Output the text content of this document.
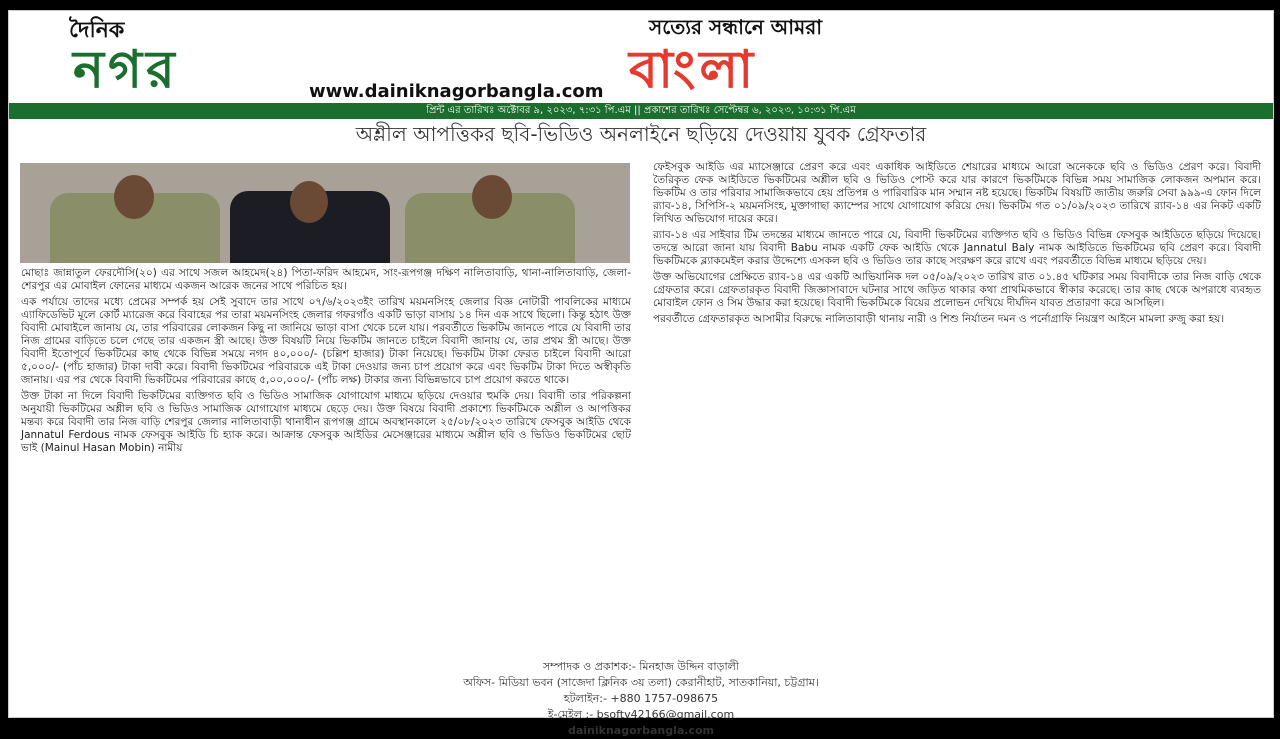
দৈনিক
নগর
সত্যের সন্ধানে আমরা
বাংলা
www.dainiknagorbangla.com
প্রিন্ট এর তারিখঃ অক্টোবর ৯, ২০২৩, ৭:৩১ পি.এম || প্রকাশের তারিখঃ সেপ্টেম্বর ৬, ২০২৩, ১০:৩১ পি.এম
অশ্লীল আপত্তিকর ছবি-ভিডিও অনলাইনে ছড়িয়ে দেওয়ায় যুবক গ্রেফতার

মোছাঃ জান্নাতুল ফেরদৌসি(২০) এর সাথে সজল আহমেদ(২৪) পিতা-ফরিদ আহমেদ, সাং-রূপগঞ্জ দক্ষিণ নালিতাবাড়ি, থানা-নালিতাবাড়ি, জেলা-শেরপুর এর মোবাইল ফোনের মাধ্যমে একজন আরেক জনের সাথে পরিচিত হয়।

এক পর্যায়ে তাদের মধ্যে প্রেমের সম্পর্ক হয় সেই সুবাদে তার সাথে ০৭/৬/২০২৩ইং তারিখ ময়মনসিংহ জেলার বিজ্ঞ নোটারী পাবলিকের মাধ্যমে এ্যাফিডেভিট মূলে কোর্ট ম্যারেজ করে বিবাহের পর তারা ময়মনসিংহ জেলার গফরগাঁও একটি ভাড়া বাসায় ১৪ দিন এক সাথে ছিলো। কিন্তু হঠাৎ উক্ত বিবাদী মোবাইলে জানায় যে, তার পরিবারের লোকজন কিছু না জানিয়ে ভাড়া বাসা থেকে চলে যায়। পরবর্তীতে ভিকটিম জানতে পারে যে বিবাদী তার নিজ গ্রামের বাড়িতে চলে গেছে তার একজন স্ত্রী আছে। উক্ত বিষয়টি নিয়ে ভিকটিম জানতে চাইলে বিবাদী জানায় যে, তার প্রথম স্ত্রী আছে। উক্ত বিবাদী ইতোপূর্বে ভিকটিমের কাছ থেকে বিভিন্ন সময়ে নগদ ৪০,০০০/- (চল্লিশ হাজার) টাকা নিয়েছে। ভিকটিম টাকা ফেরত চাইলে বিবাদী আরো ৫,০০০/- (পাঁচ হাজার) টাকা দাবী করে। বিবাদী ভিকটিমের পরিবারকে এই টাকা দেওয়ার জন্য চাপ প্রয়োগ করে এবং ভিকটিম টাকা দিতে অস্বীকৃতি জানায়। এর পর থেকে বিবাদী ভিকটিমের পরিবারের কাছে ৫,০০,০০০/- (পাঁচ লক্ষ) টাকার জন্য বিভিন্নভাবে চাপ প্রয়োগ করতে থাকে।

উক্ত টাকা না দিলে বিবাদী ভিকটিমের ব্যক্তিগত ছবি ও ভিডিও সামাজিক যোগাযোগ মাধ্যমে ছড়িয়ে দেওয়ার হুমকি দেয়। বিবাদী তার পরিকল্পনা অনুযায়ী ভিকটিমের অশ্লীল ছবি ও ভিডিও সামাজিক যোগাযোগ মাধ্যমে ছেড়ে দেয়। উক্ত বিষয়ে বিবাদী প্রকাশ্যে ভিকটিমকে অশ্লীল ও আপত্তিকর মন্তব্য করে বিবাদী তার নিজ বাড়ি শেরপুর জেলার নালিতাবাড়ী থানাধীন রূপগঞ্জ গ্রামে অবস্থানকালে ২৫/০৮/২০২৩ তারিখে ফেসবুক আইডি থেকে Jannatul Ferdous নামক ফেসবুক আইডি চি হ্যাক করে। আক্রান্ত ফেসবুক আইডির মেসেঞ্জারের মাধ্যমে অশ্লীল ছবি ও ভিডিও ভিকটিমের ছোট ভাই (Mainul Hasan Mobin) নামীয়

ফেইসবুক আইডি এর ম্যাসেঞ্জারে প্রেরণ করে এবং একাধিক আইডিতে শেয়ারের মাধ্যমে আরো অনেককে ছবি ও ভিডিও প্রেরণ করে। বিবাদী তৈরিকৃত ফেক আইডিতে ভিকটিমের অশ্লীল ছবি ও ভিডিও পোস্ট করে যার কারণে ভিকটিমকে বিভিন্ন সময় সামাজিক লোকজন অপমান করে। ভিকটিম ও তার পরিবার সামাজিকভাবে হেয় প্রতিপন্ন ও পারিবারিক মান সম্মান নষ্ট হয়েছে। ভিকটিম বিষয়টি জাতীয় জরুরি সেবা ৯৯৯-এ ফোন দিলে র‍্যাব-১৪, সিপিসি-২ ময়মনসিংহ, মুক্তাগাছা ক্যাম্পের সাথে যোগাযোগ করিয়ে দেয়। ভিকটিম গত ০১/০৯/২০২৩ তারিখে র‍্যাব-১৪ এর নিকট একটি লিখিত অভিযোগ দায়ের করে।

র‍্যাব-১৪ এর সাইবার টিম তদন্তের মাধ্যমে জানতে পারে যে, বিবাদী ভিকটিমের ব্যক্তিগত ছবি ও ভিডিও বিভিন্ন ফেসবুক আইডিতে ছড়িয়ে দিয়েছে। তদন্তে আরো জানা যায় বিবাদী Babu নামক একটি ফেক আইডি থেকে Jannatul Baly নামক আইডিতে ভিকটিমের ছবি প্রেরণ করে। বিবাদী ভিকটিমকে ব্ল্যাকমেইল করার উদ্দেশ্যে এসকল ছবি ও ভিডিও তার কাছে সংরক্ষণ করে রাখে এবং পরবর্তীতে বিভিন্ন মাধ্যমে ছড়িয়ে দেয়।

উক্ত অভিযোগের প্রেক্ষিতে র‍্যাব-১৪ এর একটি আভিযানিক দল ০৫/০৯/২০২৩ তারিখ রাত ০১.৪৫ ঘটিকার সময় বিবাদীকে তার নিজ বাড়ি থেকে গ্রেফতার করে। গ্রেফতারকৃত বিবাদী জিজ্ঞাসাবাদে ঘটনার সাথে জড়িত থাকার কথা প্রাথমিকভাবে স্বীকার করেছে। তার কাছ থেকে অপরাধে ব্যবহৃত মোবাইল ফোন ও সিম উদ্ধার করা হয়েছে। বিবাদী ভিকটিমকে বিয়ের প্রলোভন দেখিয়ে দীর্ঘদিন যাবত প্রতারণা করে আসছিল।

পরবর্তীতে গ্রেফতারকৃত আসামীর বিরুদ্ধে নালিতাবাড়ী থানায় নারী ও শিশু নির্যাতন দমন ও পর্নোগ্রাফি নিয়ন্ত্রণ আইনে মামলা রুজু করা হয়।

সম্পাদক ও প্রকাশক:- মিনহাজ উদ্দিন বাড়ালী
অফিস- মিডিয়া ভবন (সাজেদা ক্লিনিক ৩য় তলা) কেরানীহাট, সাতকানিয়া, চট্টগ্রাম।
হটলাইন:- +880 1757-098675
ই-মেইল :- bsoftv42166@gmail.com
dainiknagorbangla.com
